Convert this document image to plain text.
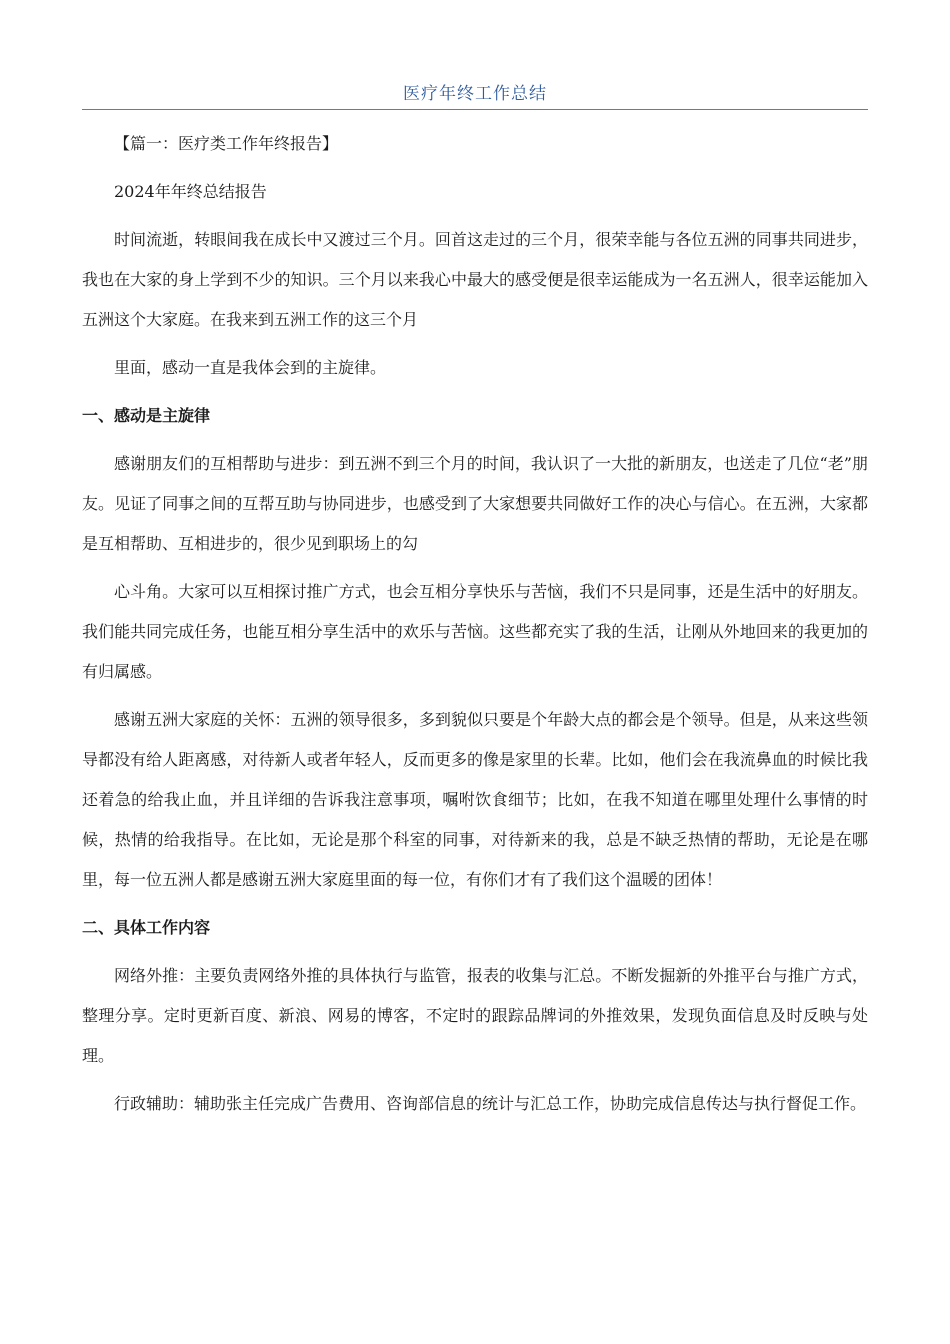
医疗年终工作总结

【篇一：医疗类工作年终报告】

2024年年终总结报告

时间流逝，转眼间我在成长中又渡过三个月。回首这走过的三个月，很荣幸能与各位五洲的同事共同进步，我也在大家的身上学到不少的知识。三个月以来我心中最大的感受便是很幸运能成为一名五洲人，很幸运能加入五洲这个大家庭。在我来到五洲工作的这三个月

里面，感动一直是我体会到的主旋律。

一、感动是主旋律

感谢朋友们的互相帮助与进步：到五洲不到三个月的时间，我认识了一大批的新朋友，也送走了几位“老”朋友。见证了同事之间的互帮互助与协同进步，也感受到了大家想要共同做好工作的决心与信心。在五洲，大家都是互相帮助、互相进步的，很少见到职场上的勾

心斗角。大家可以互相探讨推广方式，也会互相分享快乐与苦恼，我们不只是同事，还是生活中的好朋友。我们能共同完成任务，也能互相分享生活中的欢乐与苦恼。这些都充实了我的生活，让刚从外地回来的我更加的有归属感。

感谢五洲大家庭的关怀：五洲的领导很多，多到貌似只要是个年龄大点的都会是个领导。但是，从来这些领导都没有给人距离感，对待新人或者年轻人，反而更多的像是家里的长辈。比如，他们会在我流鼻血的时候比我还着急的给我止血，并且详细的告诉我注意事项，嘱咐饮食细节；比如，在我不知道在哪里处理什么事情的时候，热情的给我指导。在比如，无论是那个科室的同事，对待新来的我，总是不缺乏热情的帮助，无论是在哪里，每一位五洲人都是感谢五洲大家庭里面的每一位，有你们才有了我们这个温暖的团体！

二、具体工作内容

网络外推：主要负责网络外推的具体执行与监管，报表的收集与汇总。不断发掘新的外推平台与推广方式，整理分享。定时更新百度、新浪、网易的博客，不定时的跟踪品牌词的外推效果，发现负面信息及时反映与处理。

行政辅助：辅助张主任完成广告费用、咨询部信息的统计与汇总工作，协助完成信息传达与执行督促工作。
